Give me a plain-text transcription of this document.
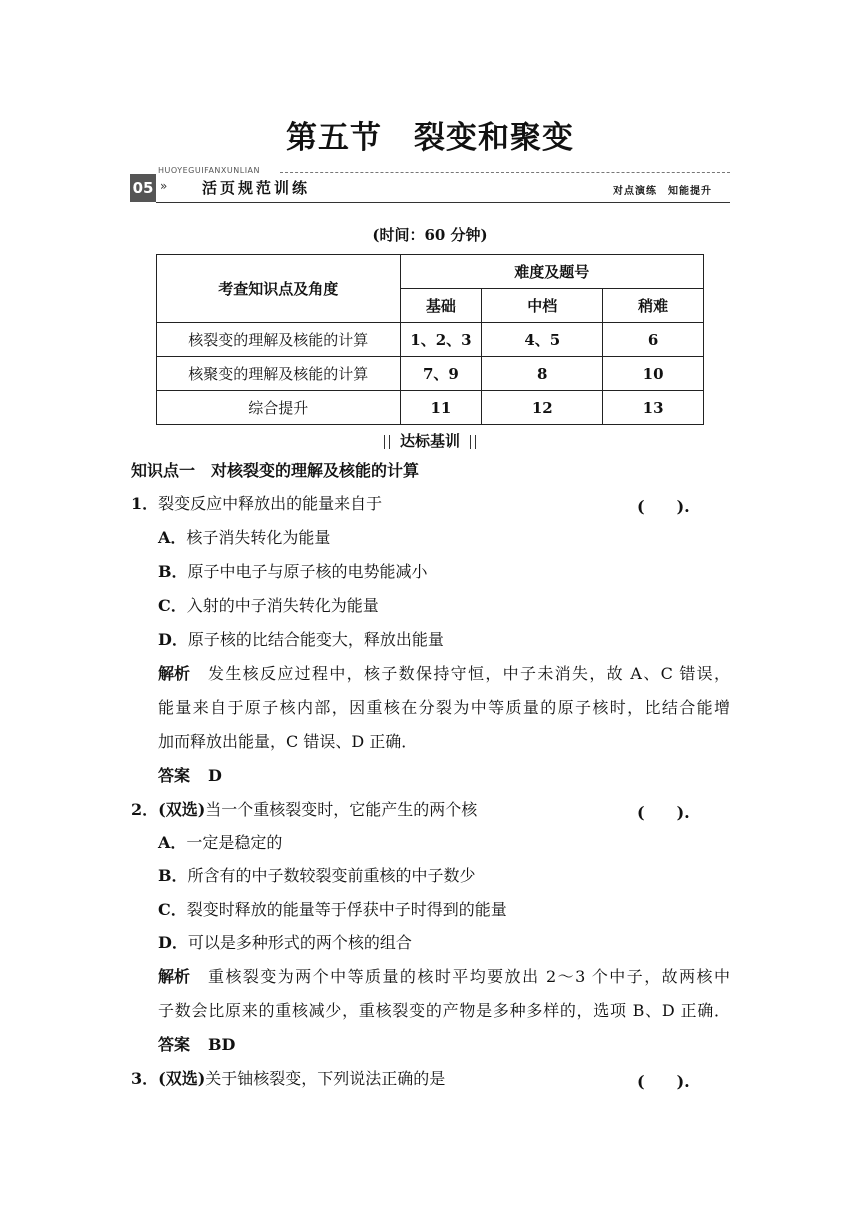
第五节　裂变和聚变
HUOYEGUIFANXUNLIAN
05 » 活页规范训练	对点演练　知能提升
(时间：60 分钟)
考查知识点及角度	难度及题号		
	基础	中档	稍难
核裂变的理解及核能的计算	1、2、3	4、5	6
核聚变的理解及核能的计算	7、9	8	10
综合提升	11	12	13
达标基训
知识点一　对核裂变的理解及核能的计算
1．裂变反应中释放出的能量来自于	(　　).
A．核子消失转化为能量
B．原子中电子与原子核的电势能减小
C．入射的中子消失转化为能量
D．原子核的比结合能变大，释放出能量
解析 发生核反应过程中，核子数保持守恒，中子未消失，故 A、C 错误，
能量来自于原子核内部，因重核在分裂为中等质量的原子核时，比结合能增
加而释放出能量，C 错误、D 正确．
答案 D
2．(双选)当一个重核裂变时，它能产生的两个核	(　　).
A．一定是稳定的
B．所含有的中子数较裂变前重核的中子数少
C．裂变时释放的能量等于俘获中子时得到的能量
D．可以是多种形式的两个核的组合
解析 重核裂变为两个中等质量的核时平均要放出 2～3 个中子，故两核中
子数会比原来的重核减少，重核裂变的产物是多种多样的，选项 B、D 正确．
答案 BD
3．(双选)关于铀核裂变，下列说法正确的是	(　　).
